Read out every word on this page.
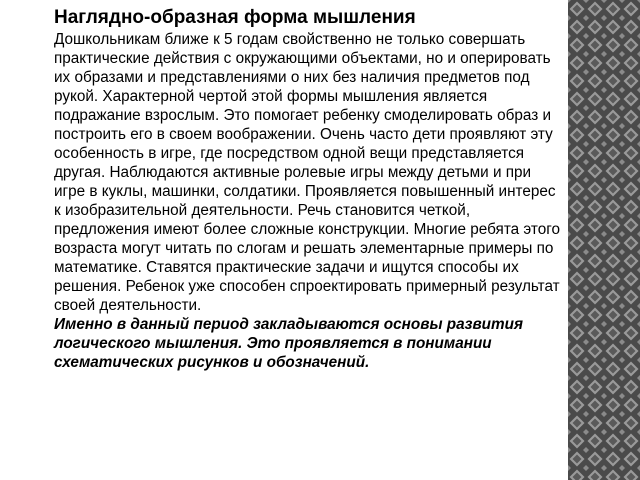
Наглядно-образная форма мышления

Дошкольникам ближе к 5 годам свойственно не только совершать практические действия с окружающими объектами, но и оперировать их образами и представлениями о них без наличия предметов под рукой. Характерной чертой этой формы мышления является подражание взрослым. Это помогает ребенку смоделировать образ и построить его в своем воображении. Очень часто дети проявляют эту особенность в игре, где посредством одной вещи представляется другая. Наблюдаются активные ролевые игры между детьми и при игре в куклы, машинки, солдатики. Проявляется повышенный интерес к изобразительной деятельности. Речь становится четкой, предложения имеют более сложные конструкции. Многие ребята этого возраста могут читать по слогам и решать элементарные примеры по математике. Ставятся практические задачи и ищутся способы их решения. Ребенок уже способен спроектировать примерный результат своей деятельности.

Именно в данный период закладываются основы развития логического мышления. Это проявляется в понимании схематических рисунков и обозначений.
